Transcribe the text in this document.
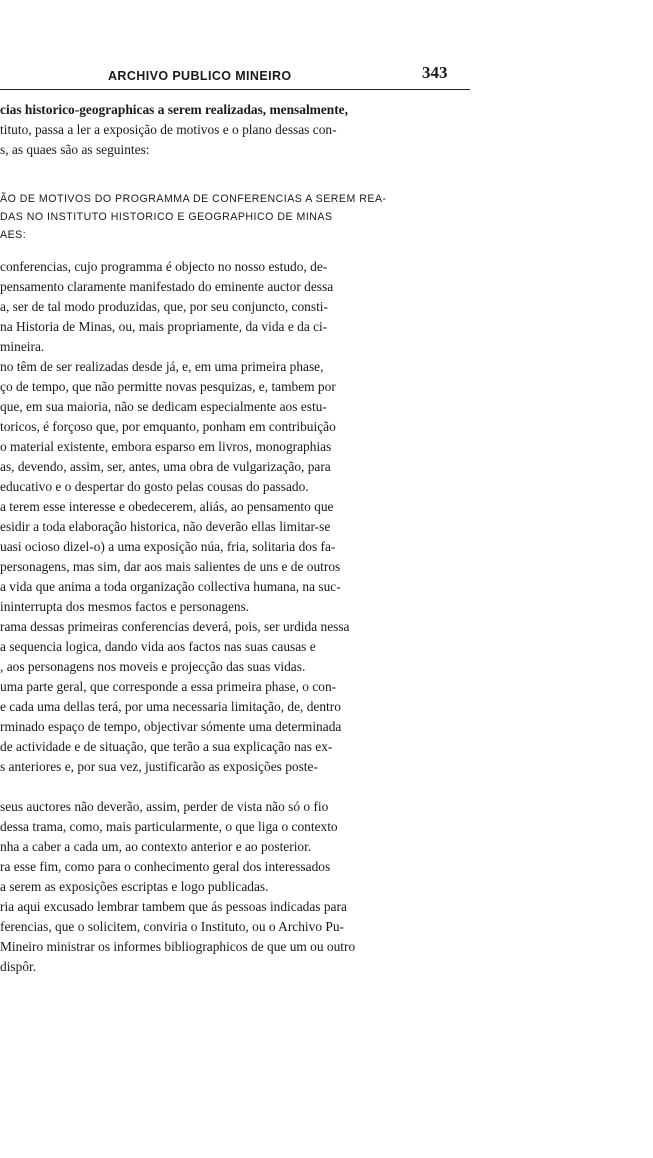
ARCHIVO PUBLICO MINEIRO	343
cias historico-geographicas a serem realizadas, mensalmente,
tituto, passa a ler a exposição de motivos e o plano dessas con-
s, as quaes são as seguintes:
ÃO DE MOTIVOS DO PROGRAMMA DE CONFERENCIAS A SEREM REA-
DAS NO INSTITUTO HISTORICO E GEOGRAPHICO DE MINAS
AES:
conferencias, cujo programma é objecto no nosso estudo, de-
pensamento claramente manifestado do eminente auctor dessa
a, ser de tal modo produzidas, que, por seu conjuncto, consti-
na Historia de Minas, ou, mais propriamente, da vida e da ci-
mineira.
no têm de ser realizadas desde já, e, em uma primeira phase,
ço de tempo, que não permitte novas pesquizas, e, tambem por
que, em sua maioria, não se dedicam especialmente aos estu-
toricos, é forçoso que, por emquanto, ponham em contribuição
o material existente, embora esparso em livros, monographias
as, devendo, assim, ser, antes, uma obra de vulgarização, para
educativo e o despertar do gosto pelas cousas do passado.
a terem esse interesse e obedecerem, aliás, ao pensamento que
esidir a toda elaboração historica, não deverão ellas limitar-se
uasi ocioso dizel-o) a uma exposição núa, fria, solitaria dos fa-
personagens, mas sim, dar aos mais salientes de uns e de outros
a vida que anima a toda organização collectiva humana, na suc-
ininterrupta dos mesmos factos e personagens.
rama dessas primeiras conferencias deverá, pois, ser urdida nessa
a sequencia logica, dando vida aos factos nas suas causas e
, aos personagens nos moveis e projecção das suas vidas.
uma parte geral, que corresponde a essa primeira phase, o con-
e cada uma dellas terá, por uma necessaria limitação, de, dentro
rminado espaço de tempo, objectivar sómente uma determinada
de actividade e de situação, que terão a sua explicação nas ex-
s anteriores e, por sua vez, justificarão as exposições poste-
seus auctores não deverão, assim, perder de vista não só o fio
dessa trama, como, mais particularmente, o que liga o contexto
nha a caber a cada um, ao contexto anterior e ao posterior.
ra esse fim, como para o conhecimento geral dos interessados
a serem as exposições escriptas e logo publicadas.
ria aqui excusado lembrar tambem que ás pessoas indicadas para
ferencias, que o solicitem, conviria o Instituto, ou o Archivo Pu-
Mineiro ministrar os informes bibliographicos de que um ou outro
dispôr.
